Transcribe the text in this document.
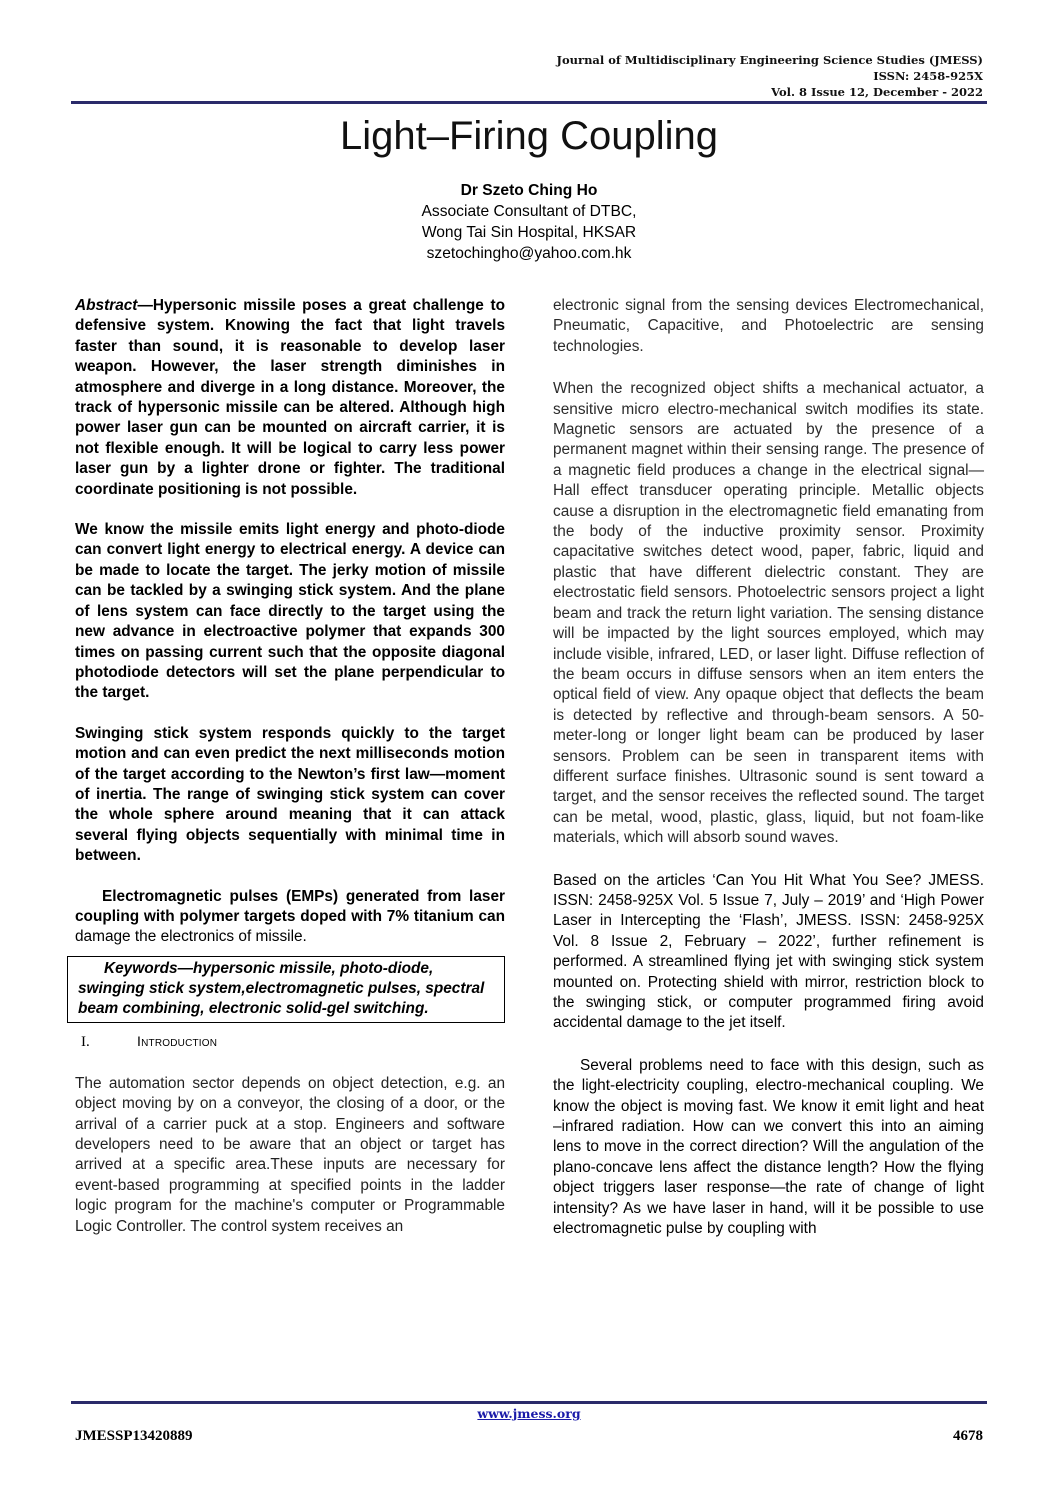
Journal of Multidisciplinary Engineering Science Studies (JMESS)
ISSN: 2458-925X
Vol. 8 Issue 12, December - 2022
Light–Firing Coupling
Dr Szeto Ching Ho
Associate Consultant of DTBC,
Wong Tai Sin Hospital, HKSAR
szetochingho@yahoo.com.hk

Abstract—Hypersonic missile poses a great challenge to defensive system. Knowing the fact that light travels faster than sound, it is reasonable to develop laser weapon. However, the laser strength diminishes in atmosphere and diverge in a long distance. Moreover, the track of hypersonic missile can be altered. Although high power laser gun can be mounted on aircraft carrier, it is not flexible enough. It will be logical to carry less power laser gun by a lighter drone or fighter. The traditional coordinate positioning is not possible.

We know the missile emits light energy and photo-diode can convert light energy to electrical energy. A device can be made to locate the target. The jerky motion of missile can be tackled by a swinging stick system. And the plane of lens system can face directly to the target using the new advance in electroactive polymer that expands 300 times on passing current such that the opposite diagonal photodiode detectors will set the plane perpendicular to the target.

Swinging stick system responds quickly to the target motion and can even predict the next milliseconds motion of the target according to the Newton’s first law—moment of inertia. The range of swinging stick system can cover the whole sphere around meaning that it can attack several flying objects sequentially with minimal time in between.

Electromagnetic pulses (EMPs) generated from laser coupling with polymer targets doped with 7% titanium can damage the electronics of missile.

Keywords—hypersonic missile, photo-diode, swinging stick system,electromagnetic pulses, spectral beam combining, electronic solid-gel switching.
I.	Introduction

The automation sector depends on object detection, e.g. an object moving by on a conveyor, the closing of a door, or the arrival of a carrier puck at a stop. Engineers and software developers need to be aware that an object or target has arrived at a specific area.These inputs are necessary for event-based programming at specified points in the ladder logic program for the machine's computer or Programmable Logic Controller. The control system receives an

electronic signal from the sensing devices Electromechanical, Pneumatic, Capacitive, and Photoelectric are sensing technologies.

When the recognized object shifts a mechanical actuator, a sensitive micro electro-mechanical switch modifies its state. Magnetic sensors are actuated by the presence of a permanent magnet within their sensing range. The presence of a magnetic field produces a change in the electrical signal—Hall effect transducer operating principle. Metallic objects cause a disruption in the electromagnetic field emanating from the body of the inductive proximity sensor. Proximity capacitative switches detect wood, paper, fabric, liquid and plastic that have different dielectric constant. They are electrostatic field sensors. Photoelectric sensors project a light beam and track the return light variation. The sensing distance will be impacted by the light sources employed, which may include visible, infrared, LED, or laser light. Diffuse reflection of the beam occurs in diffuse sensors when an item enters the optical field of view. Any opaque object that deflects the beam is detected by reflective and through-beam sensors. A 50-meter-long or longer light beam can be produced by laser sensors. Problem can be seen in transparent items with different surface finishes. Ultrasonic sound is sent toward a target, and the sensor receives the reflected sound. The target can be metal, wood, plastic, glass, liquid, but not foam-like materials, which will absorb sound waves.

Based on the articles ‘Can You Hit What You See? JMESS. ISSN: 2458-925X Vol. 5 Issue 7, July – 2019’ and ‘High Power Laser in Intercepting the ‘Flash’, JMESS. ISSN: 2458-925X Vol. 8 Issue 2, February – 2022’, further refinement is performed. A streamlined flying jet with swinging stick system mounted on. Protecting shield with mirror, restriction block to the swinging stick, or computer programmed firing avoid accidental damage to the jet itself.

Several problems need to face with this design, such as the light-electricity coupling, electro-mechanical coupling. We know the object is moving fast. We know it emit light and heat –infrared radiation. How can we convert this into an aiming lens to move in the correct direction? Will the angulation of the plano-concave lens affect the distance length? How the flying object triggers laser response—the rate of change of light intensity? As we have laser in hand, will it be possible to use electromagnetic pulse by coupling with

www.jmess.org
JMESSP13420889	4678
